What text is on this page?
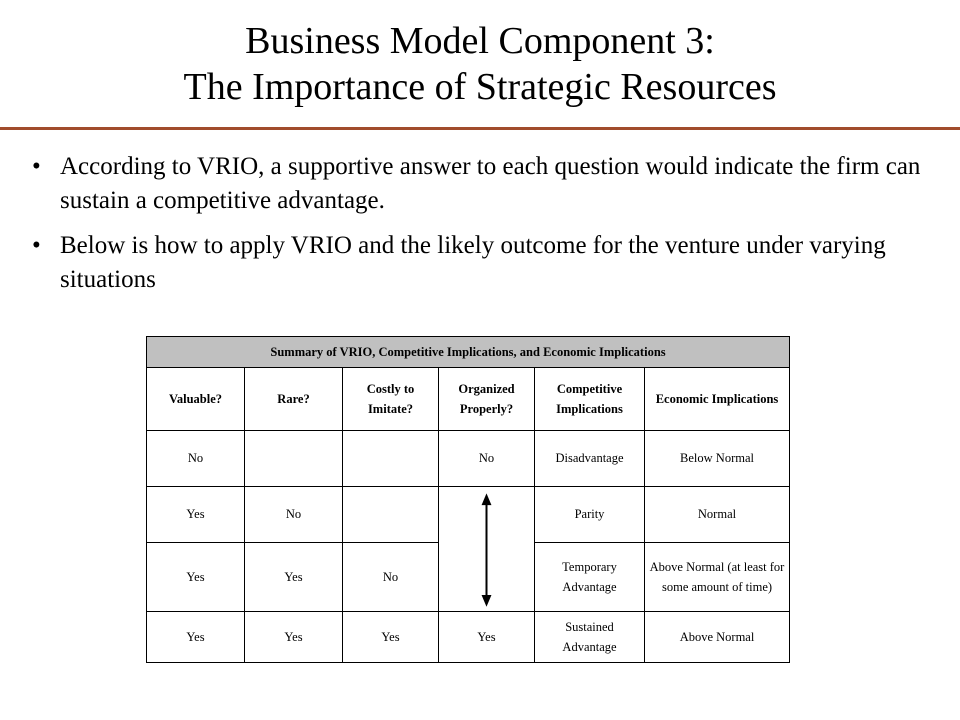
Business Model Component 3:
The Importance of Strategic Resources
• According to VRIO, a supportive answer to each question would indicate the firm can sustain a competitive advantage.
• Below is how to apply VRIO and the likely outcome for the venture under varying situations
Summary of VRIO, Competitive Implications, and Economic Implications					
Valuable?	Rare?	Costly to Imitate?	Organized Properly?	Competitive Implications	Economic Implications
No			No	Disadvantage	Below Normal
Yes	No			Parity	Normal
Yes	Yes	No		Temporary Advantage	Above Normal (at least for some amount of time)
Yes	Yes	Yes	Yes	Sustained Advantage	Above Normal
